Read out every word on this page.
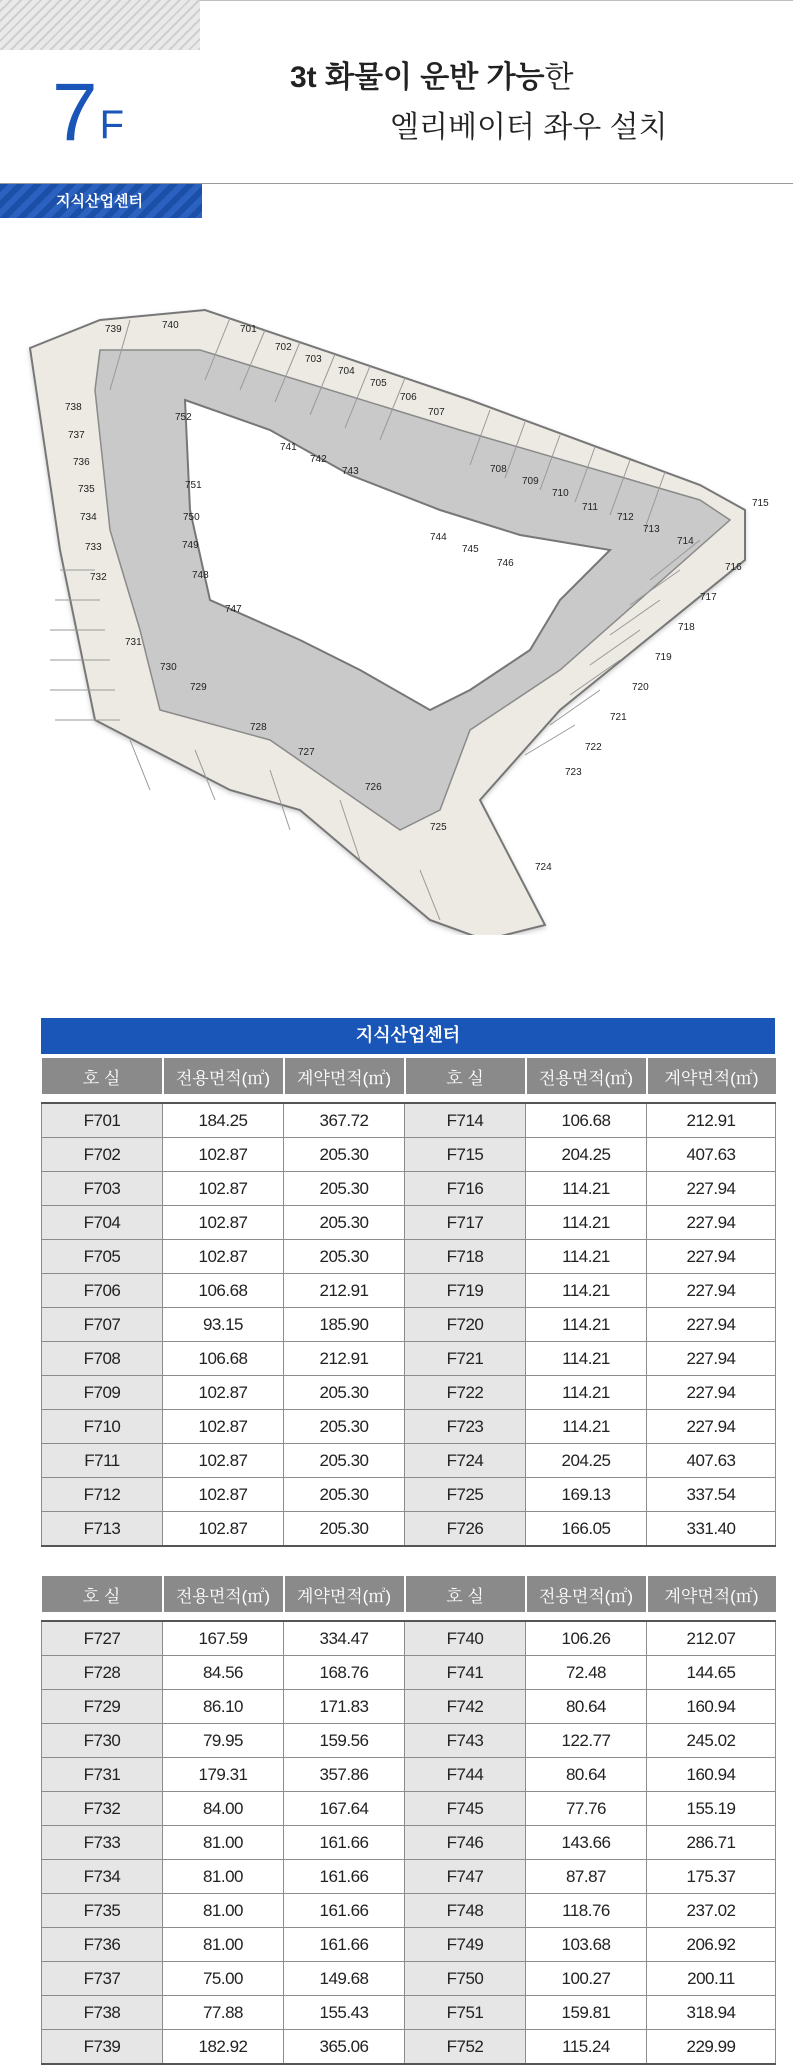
7 F
3t 화물이 운반 가능한
엘리베이터 좌우 설치
지식산업센터
701
702
703
704
705
706
707
708
709
710
711
712
713
714
715
716
717
718
719
720
721
722
723
724
725
726
727
728
729
730
731
732
733
734
735
736
737
738
739	740
741
742
743
744
745
746
747
748
749
750
751
752
지식산업센터
호 실	전용면적(㎡)	계약면적(㎡)	호 실	전용면적(㎡)	계약면적(㎡)

F701	184.25	367.72	F714	106.68	212.91
F702	102.87	205.30	F715	204.25	407.63
F703	102.87	205.30	F716	114.21	227.94
F704	102.87	205.30	F717	114.21	227.94
F705	102.87	205.30	F718	114.21	227.94
F706	106.68	212.91	F719	114.21	227.94
F707	93.15	185.90	F720	114.21	227.94
F708	106.68	212.91	F721	114.21	227.94
F709	102.87	205.30	F722	114.21	227.94
F710	102.87	205.30	F723	114.21	227.94
F711	102.87	205.30	F724	204.25	407.63
F712	102.87	205.30	F725	169.13	337.54
F713	102.87	205.30	F726	166.05	331.40
호 실	전용면적(㎡)	계약면적(㎡)	호 실	전용면적(㎡)	계약면적(㎡)

F727	167.59	334.47	F740	106.26	212.07
F728	84.56	168.76	F741	72.48	144.65
F729	86.10	171.83	F742	80.64	160.94
F730	79.95	159.56	F743	122.77	245.02
F731	179.31	357.86	F744	80.64	160.94
F732	84.00	167.64	F745	77.76	155.19
F733	81.00	161.66	F746	143.66	286.71
F734	81.00	161.66	F747	87.87	175.37
F735	81.00	161.66	F748	118.76	237.02
F736	81.00	161.66	F749	103.68	206.92
F737	75.00	149.68	F750	100.27	200.11
F738	77.88	155.43	F751	159.81	318.94
F739	182.92	365.06	F752	115.24	229.99
